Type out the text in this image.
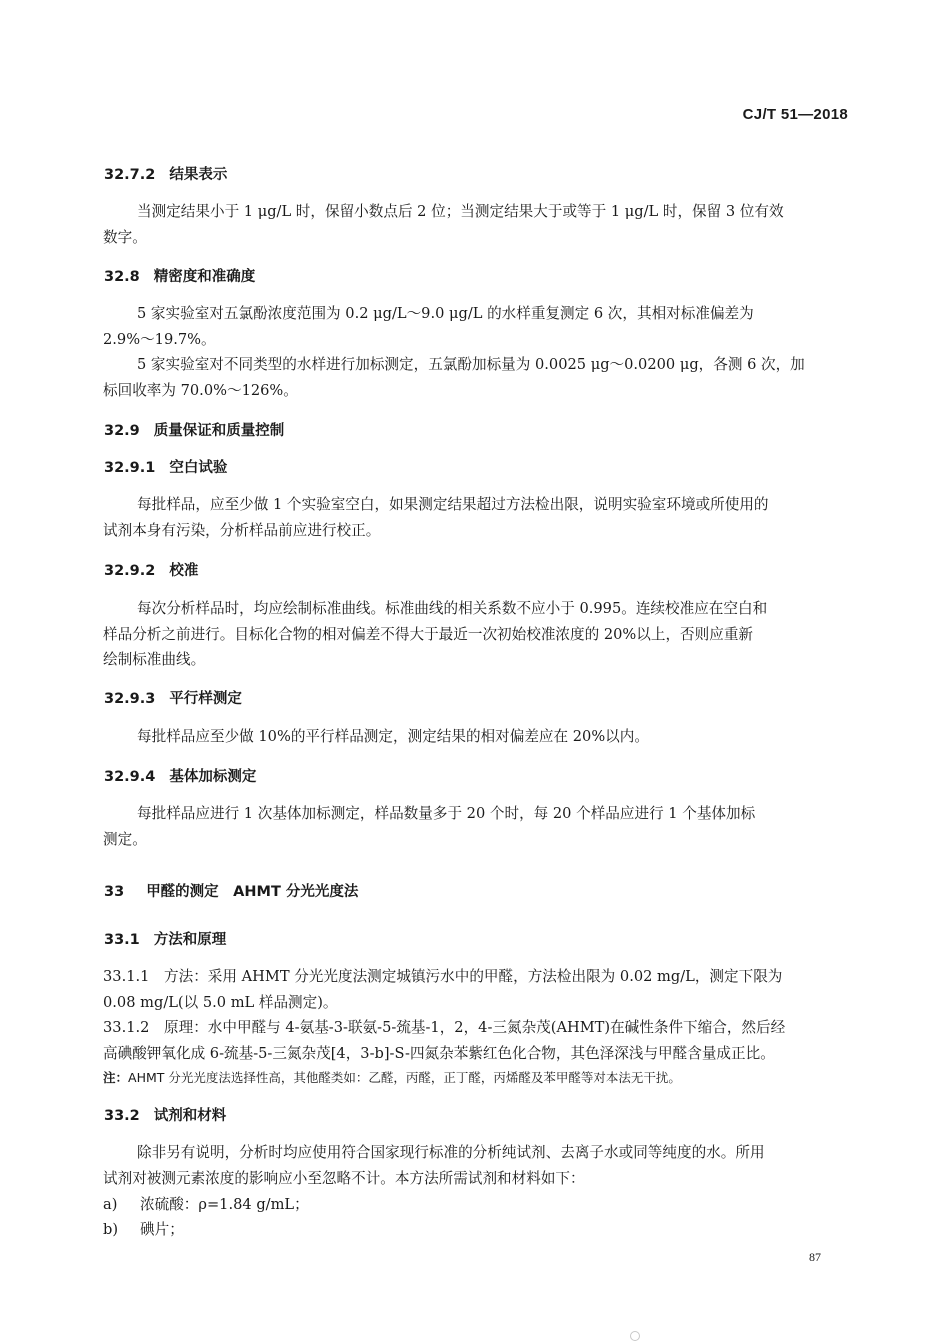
CJ/T 51—2018
32.7.2 结果表示
当测定结果小于 1 μg/L 时，保留小数点后 2 位；当测定结果大于或等于 1 μg/L 时，保留 3 位有效
数字。
32.8 精密度和准确度
5 家实验室对五氯酚浓度范围为 0.2 μg/L～9.0 μg/L 的水样重复测定 6 次，其相对标准偏差为
2.9%～19.7%。
5 家实验室对不同类型的水样进行加标测定，五氯酚加标量为 0.0025 μg～0.0200 μg，各测 6 次，加
标回收率为 70.0%～126%。
32.9 质量保证和质量控制
32.9.1 空白试验
每批样品，应至少做 1 个实验室空白，如果测定结果超过方法检出限，说明实验室环境或所使用的
试剂本身有污染，分析样品前应进行校正。
32.9.2 校准
每次分析样品时，均应绘制标准曲线。标准曲线的相关系数不应小于 0.995。连续校准应在空白和
样品分析之前进行。目标化合物的相对偏差不得大于最近一次初始校准浓度的 20%以上，否则应重新
绘制标准曲线。
32.9.3 平行样测定
每批样品应至少做 10%的平行样品测定，测定结果的相对偏差应在 20%以内。
32.9.4 基体加标测定
每批样品应进行 1 次基体加标测定，样品数量多于 20 个时，每 20 个样品应进行 1 个基体加标
测定。
33 甲醛的测定　AHMT 分光光度法
33.1 方法和原理
33.1.1　方法：采用 AHMT 分光光度法测定城镇污水中的甲醛，方法检出限为 0.02 mg/L，测定下限为
0.08 mg/L(以 5.0 mL 样品测定)。
33.1.2　原理：水中甲醛与 4-氨基-3-联氨-5-巯基-1，2，4-三氮杂茂(AHMT)在碱性条件下缩合，然后经
高碘酸钾氧化成 6-巯基-5-三氮杂茂[4，3-b]-S-四氮杂苯紫红色化合物，其色泽深浅与甲醛含量成正比。
注：AHMT 分光光度法选择性高，其他醛类如：乙醛，丙醛，正丁醛，丙烯醛及苯甲醛等对本法无干扰。
33.2 试剂和材料
除非另有说明，分析时均应使用符合国家现行标准的分析纯试剂、去离子水或同等纯度的水。所用
试剂对被测元素浓度的影响应小至忽略不计。本方法所需试剂和材料如下：
a) 浓硫酸：ρ=1.84 g/mL；
b) 碘片；
87
